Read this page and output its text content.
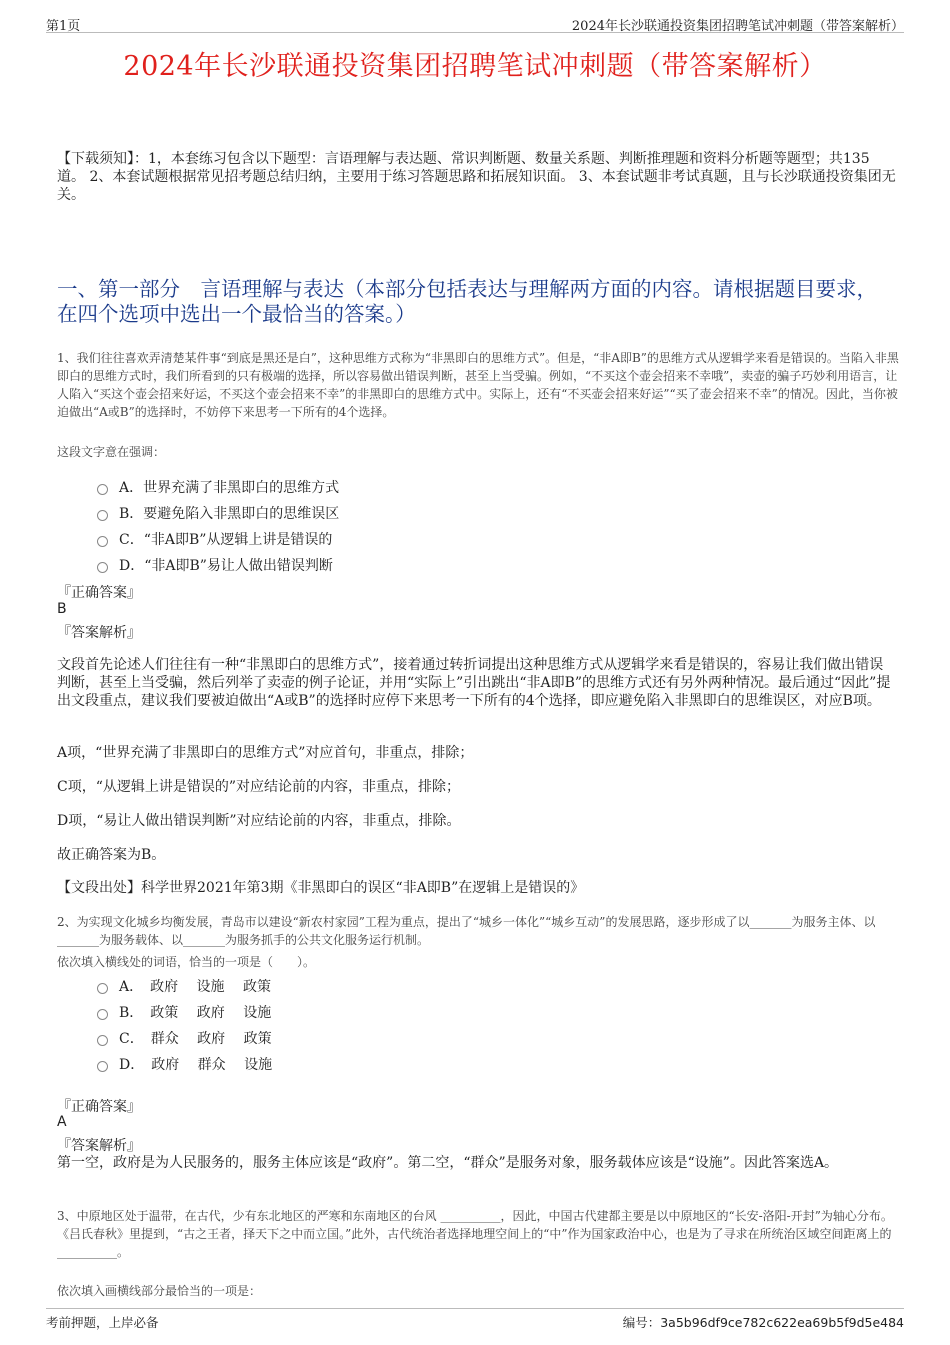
第1页	2024年长沙联通投资集团招聘笔试冲刺题（带答案解析）
2024年长沙联通投资集团招聘笔试冲刺题（带答案解析）
【下载须知】：1，本套练习包含以下题型：言语理解与表达题、常识判断题、数量关系题、判断推理题和资料分析题等题型；共135道。 2、本套试题根据常见招考题总结归纳，主要用于练习答题思路和拓展知识面。 3、本套试题非考试真题，且与长沙联通投资集团无关。
一、第一部分　言语理解与表达（本部分包括表达与理解两方面的内容。请根据题目要求，在四个选项中选出一个最恰当的答案。）
1、我们往往喜欢弄清楚某件事“到底是黑还是白”，这种思维方式称为“非黑即白的思维方式”。但是，“非A即B”的思维方式从逻辑学来看是错误的。当陷入非黑即白的思维方式时，我们所看到的只有极端的选择，所以容易做出错误判断，甚至上当受骗。例如，“不买这个壶会招来不幸哦”，卖壶的骗子巧妙利用语言，让人陷入“买这个壶会招来好运，不买这个壶会招来不幸”的非黑即白的思维方式中。实际上，还有“不买壶会招来好运”“买了壶会招来不幸”的情况。因此，当你被迫做出“A或B”的选择时，不妨停下来思考一下所有的4个选择。
这段文字意在强调：
A．世界充满了非黑即白的思维方式
B．要避免陷入非黑即白的思维误区
C．“非A即B”从逻辑上讲是错误的
D．“非A即B”易让人做出错误判断
『正确答案』
B
『答案解析』
文段首先论述人们往往有一种“非黑即白的思维方式”，接着通过转折词提出这种思维方式从逻辑学来看是错误的，容易让我们做出错误判断，甚至上当受骗，然后列举了卖壶的例子论证，并用“实际上”引出跳出“非A即B”的思维方式还有另外两种情况。最后通过“因此”提出文段重点，建议我们要被迫做出“A或B”的选择时应停下来思考一下所有的4个选择，即应避免陷入非黑即白的思维误区，对应B项。
A项，“世界充满了非黑即白的思维方式”对应首句，非重点，排除；
C项，“从逻辑上讲是错误的”对应结论前的内容，非重点，排除；
D项，“易让人做出错误判断”对应结论前的内容，非重点，排除。
故正确答案为B。
【文段出处】科学世界2021年第3期《非黑即白的误区“非A即B”在逻辑上是错误的》
2、为实现文化城乡均衡发展，青岛市以建设“新农村家园”工程为重点，提出了“城乡一体化”“城乡互动”的发展思路，逐步形成了以_______为服务主体、以_______为服务载体、以_______为服务抓手的公共文化服务运行机制。
依次填入横线处的词语，恰当的一项是（　　）。
A．　政府　 设施　 政策
B．　政策　 政府　 设施
C．　群众　 政府　 政策
D．　政府　 群众　 设施
『正确答案』
A
『答案解析』
第一空，政府是为人民服务的，服务主体应该是“政府”。第二空，“群众”是服务对象，服务载体应该是“设施”。因此答案选A。
3、中原地区处于温带，在古代，少有东北地区的严寒和东南地区的台风 __________，因此，中国古代建都主要是以中原地区的“长安-洛阳-开封”为轴心分布。《吕氏春秋》里提到，“古之王者，择天下之中而立国。”此外，古代统治者选择地理空间上的“中”作为国家政治中心，也是为了寻求在所统治区域空间距离上的 __________。
依次填入画横线部分最恰当的一项是：
考前押题，上岸必备	编号：3a5b96df9ce782c622ea69b5f9d5e484
